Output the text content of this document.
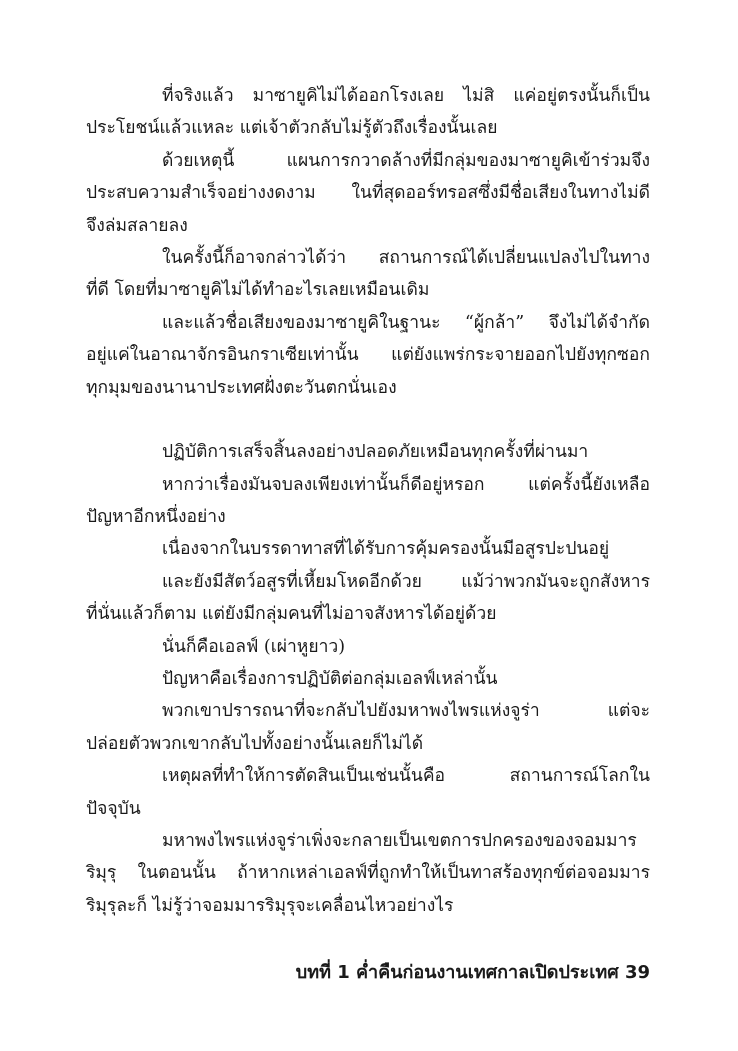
ที่จริงแล้ว มาซายูคิไม่ได้ออกโรงเลย ไม่สิ แค่อยู่ตรงนั้นก็เป็น
ประโยชน์แล้วแหละ แต่เจ้าตัวกลับไม่รู้ตัวถึงเรื่องนั้นเลย
ด้วยเหตุนี้ แผนการกวาดล้างที่มีกลุ่มของมาซายูคิเข้าร่วมจึง
ประสบความสำเร็จอย่างงดงาม ในที่สุดออร์ทรอสซึ่งมีชื่อเสียงในทางไม่ดี
จึงล่มสลายลง
ในครั้งนี้ก็อาจกล่าวได้ว่า สถานการณ์ได้เปลี่ยนแปลงไปในทาง
ที่ดี โดยที่มาซายูคิไม่ได้ทำอะไรเลยเหมือนเดิม
และแล้วชื่อเสียงของมาซายูคิในฐานะ “ผู้กล้า” จึงไม่ได้จำกัด
อยู่แค่ในอาณาจักรอินกราเซียเท่านั้น แต่ยังแพร่กระจายออกไปยังทุกซอก
ทุกมุมของนานาประเทศฝั่งตะวันตกนั่นเอง
ปฏิบัติการเสร็จสิ้นลงอย่างปลอดภัยเหมือนทุกครั้งที่ผ่านมา
หากว่าเรื่องมันจบลงเพียงเท่านั้นก็ดีอยู่หรอก แต่ครั้งนี้ยังเหลือ
ปัญหาอีกหนึ่งอย่าง
เนื่องจากในบรรดาทาสที่ได้รับการคุ้มครองนั้นมีอสูรปะปนอยู่
และยังมีสัตว์อสูรที่เหี้ยมโหดอีกด้วย แม้ว่าพวกมันจะถูกสังหาร
ที่นั่นแล้วก็ตาม แต่ยังมีกลุ่มคนที่ไม่อาจสังหารได้อยู่ด้วย
นั่นก็คือเอลฟ์ (เผ่าหูยาว)
ปัญหาคือเรื่องการปฏิบัติต่อกลุ่มเอลฟ์เหล่านั้น
พวกเขาปรารถนาที่จะกลับไปยังมหาพงไพรแห่งจูร่า แต่จะ
ปล่อยตัวพวกเขากลับไปทั้งอย่างนั้นเลยก็ไม่ได้
เหตุผลที่ทำให้การตัดสินเป็นเช่นนั้นคือ สถานการณ์โลกใน
ปัจจุบัน
มหาพงไพรแห่งจูร่าเพิ่งจะกลายเป็นเขตการปกครองของจอมมาร
ริมุรุ ในตอนนั้น ถ้าหากเหล่าเอลฟ์ที่ถูกทำให้เป็นทาสร้องทุกข์ต่อจอมมาร
ริมุรุละก็ ไม่รู้ว่าจอมมารริมุรุจะเคลื่อนไหวอย่างไร
บทที่ 1 ค่ำคืนก่อนงานเทศกาลเปิดประเทศ 39
